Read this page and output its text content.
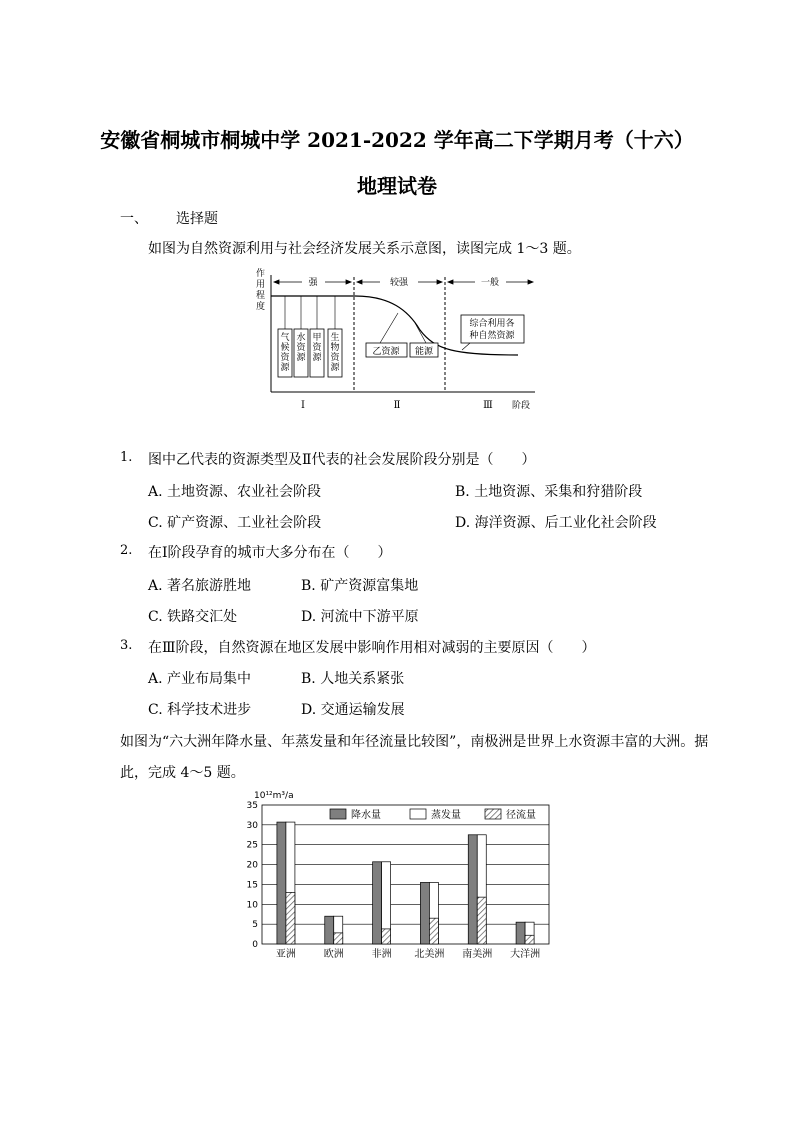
安徽省桐城市桐城中学 2021-2022 学年高二下学期月考（十六）
地理试卷
一、 选择题
如图为自然资源利用与社会经济发展关系示意图，读图完成 1～3 题。
作
用
程
度
强	较强	一般
气
候
资
源
水
资
源
甲
资
源
生
物
资
源
乙资源 能源
综合利用各
种自然资源
Ⅰ	Ⅱ	Ⅲ 阶段
1. 图中乙代表的资源类型及Ⅱ代表的社会发展阶段分别是（　　）
A. 土地资源、农业社会阶段	B. 土地资源、采集和狩猎阶段
C. 矿产资源、工业社会阶段	D. 海洋资源、后工业化社会阶段
2. 在Ⅰ阶段孕育的城市大多分布在（　　）
A. 著名旅游胜地	B. 矿产资源富集地
C. 铁路交汇处	D. 河流中下游平原
3. 在Ⅲ阶段，自然资源在地区发展中影响作用相对减弱的主要原因（　　）
A. 产业布局集中	B. 人地关系紧张
C. 科学技术进步	D. 交通运输发展
如图为“六大洲年降水量、年蒸发量和年径流量比较图”，南极洲是世界上水资源丰富的大洲。据
此，完成 4～5 题。
10¹²m³/a
0
5
10
15
20
25
30
35
亚洲	欧洲	非洲 北美洲 南美洲 大洋洲
降水量	蒸发量	径流量
